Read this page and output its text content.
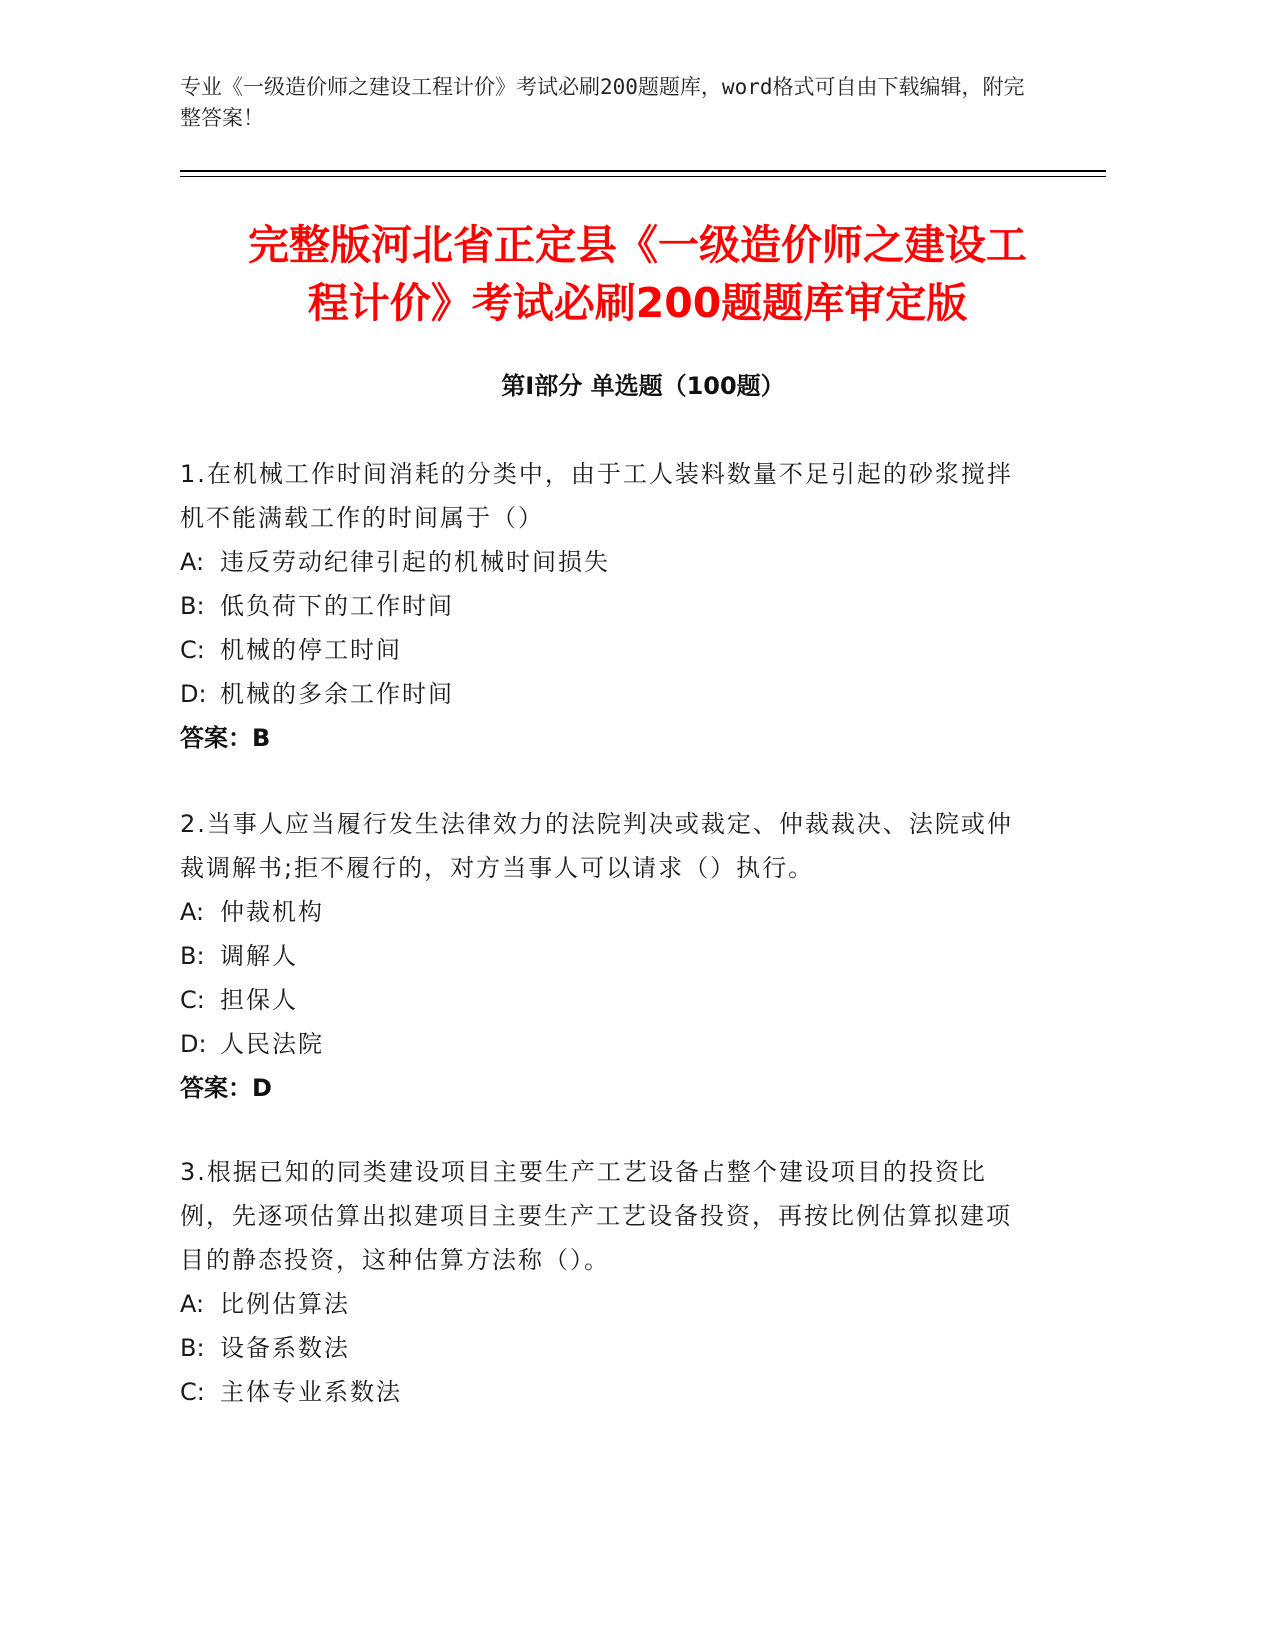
专业《一级造价师之建设工程计价》考试必刷200题题库，word格式可自由下载编辑，附完整答案！
完整版河北省正定县《一级造价师之建设工
程计价》考试必刷200题题库审定版
第Ⅰ部分 单选题（100题）
1.在机械工作时间消耗的分类中，由于工人装料数量不足引起的砂浆搅拌机不能满载工作的时间属于（）
A: 违反劳动纪律引起的机械时间损失
B: 低负荷下的工作时间
C: 机械的停工时间
D: 机械的多余工作时间
答案：B
2.当事人应当履行发生法律效力的法院判决或裁定、仲裁裁决、法院或仲裁调解书;拒不履行的，对方当事人可以请求（）执行。
A: 仲裁机构
B: 调解人
C: 担保人
D: 人民法院
答案：D
3.根据已知的同类建设项目主要生产工艺设备占整个建设项目的投资比例，先逐项估算出拟建项目主要生产工艺设备投资，再按比例估算拟建项目的静态投资，这种估算方法称（）。
A: 比例估算法
B: 设备系数法
C: 主体专业系数法
